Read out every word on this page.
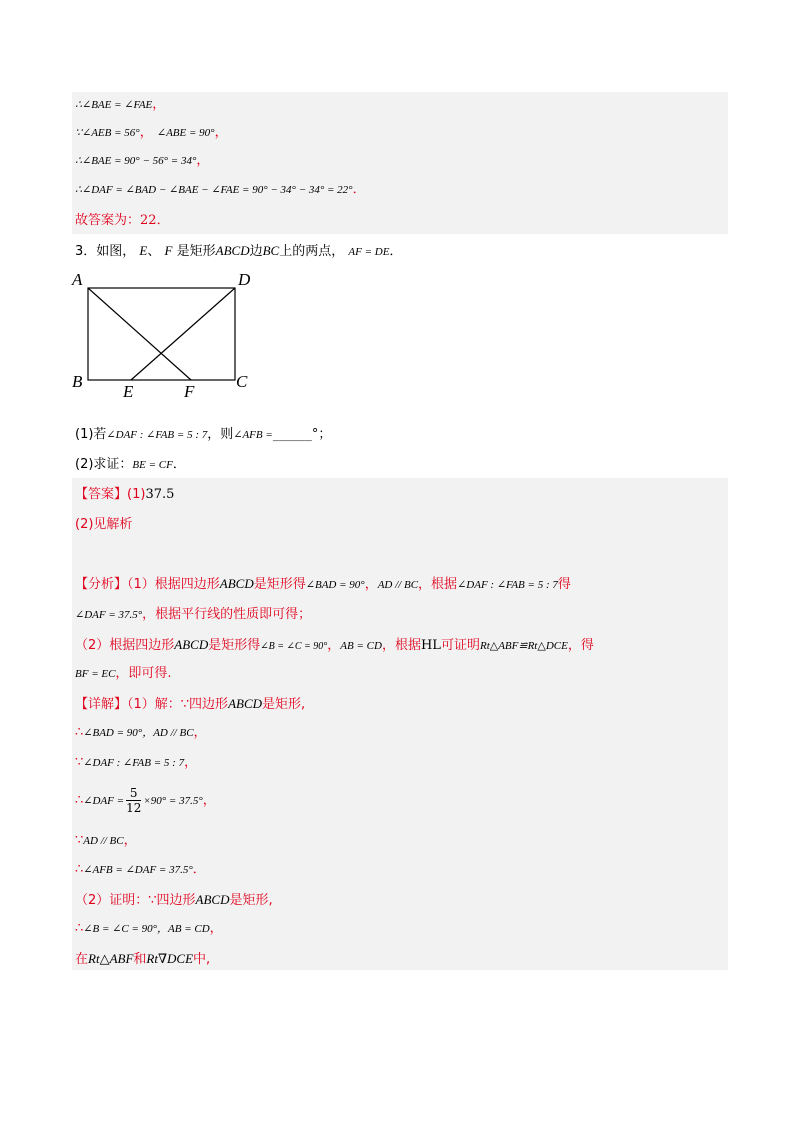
∴∠BAE = ∠FAE，
∵∠AEB = 56°， ∠ABE = 90°，
∴∠BAE = 90° − 56° = 34°，
∴∠DAF = ∠BAD − ∠BAE − ∠FAE = 90° − 34° − 34° = 22°．
故答案为：22．
3．如图， E、 F 是矩形ABCD边BC上的两点， AF = DE．
A	D
B	C
E	F
(1)若∠DAF : ∠FAB = 5 : 7，则∠AFB =______°；
(2)求证：BE = CF．
【答案】(1)37.5
(2)见解析
【分析】（1）根据四边形ABCD是矩形得∠BAD = 90°，AD // BC，根据∠DAF : ∠FAB = 5 : 7得
∠DAF = 37.5°，根据平行线的性质即可得；
（2）根据四边形ABCD是矩形得∠B = ∠C = 90°，AB = CD，根据HL可证明Rt△ABF≌Rt△DCE，得
BF = EC，即可得.
【详解】（1）解：∵四边形ABCD是矩形,
∴∠BAD = 90°，AD // BC，
∵∠DAF : ∠FAB = 5 : 7，
∴∠DAF = $\frac{5}{12} \times 90^\circ = 37.5^\circ$，
∵AD // BC，
∴∠AFB = ∠DAF = 37.5°．
（2）证明：∵四边形ABCD是矩形,
∴∠B = ∠C = 90°，AB = CD，
在Rt△ABF和Rt∇DCE中,
